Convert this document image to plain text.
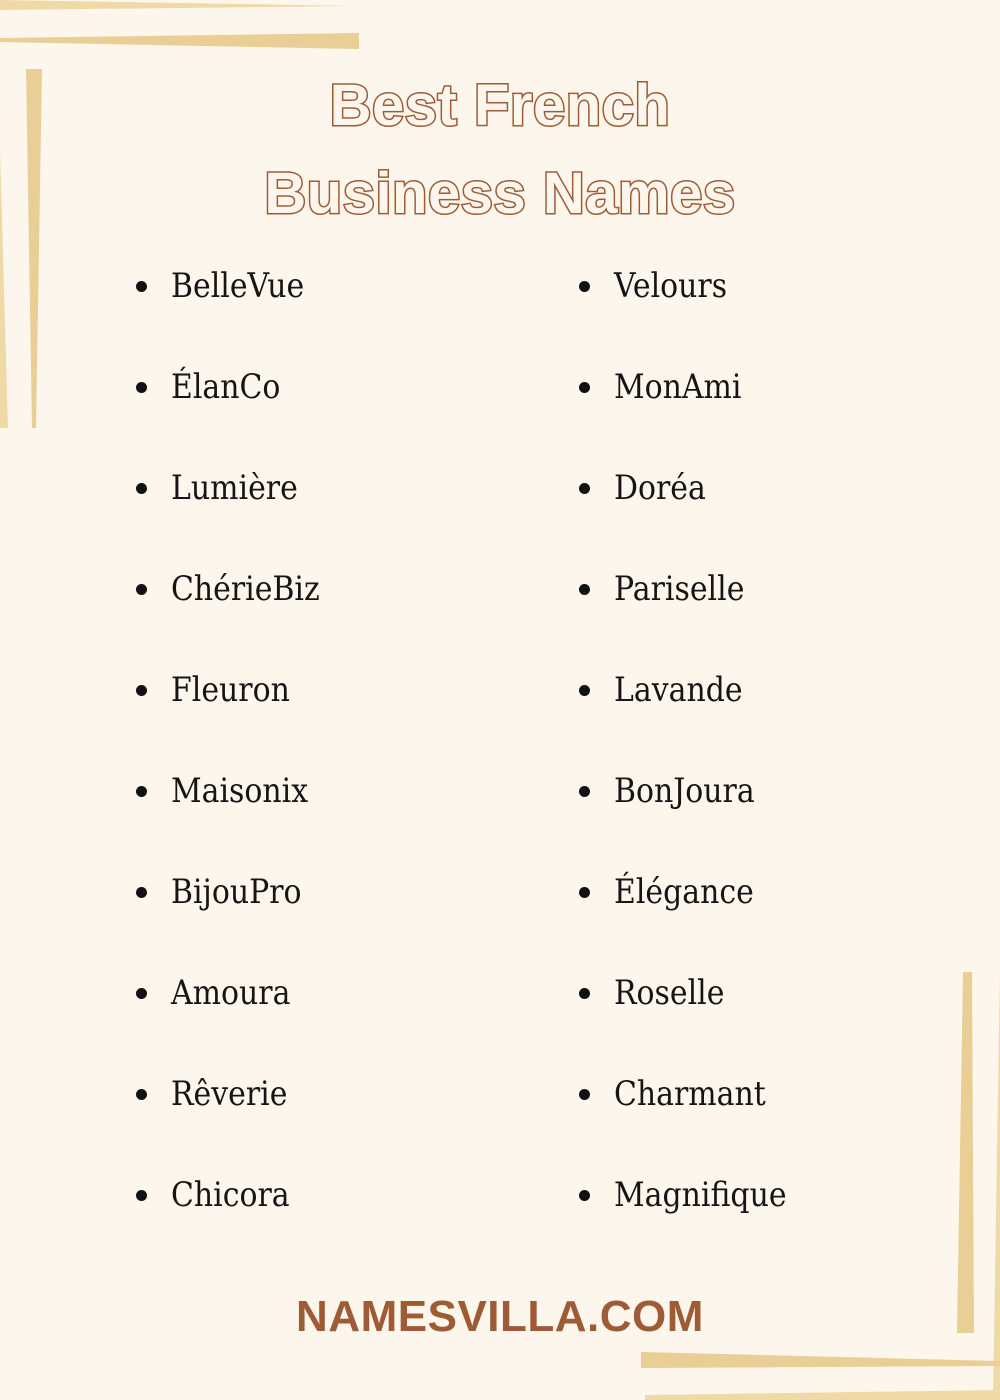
Best French
Business Names
BelleVue
ÉlanCo
Lumière
ChérieBiz
Fleuron
Maisonix
BijouPro
Amoura
Rêverie
Chicora
Velours
MonAmi
Doréa
Pariselle
Lavande
BonJoura
Élégance
Roselle
Charmant
Magnifique
NAMESVILLA.COM
